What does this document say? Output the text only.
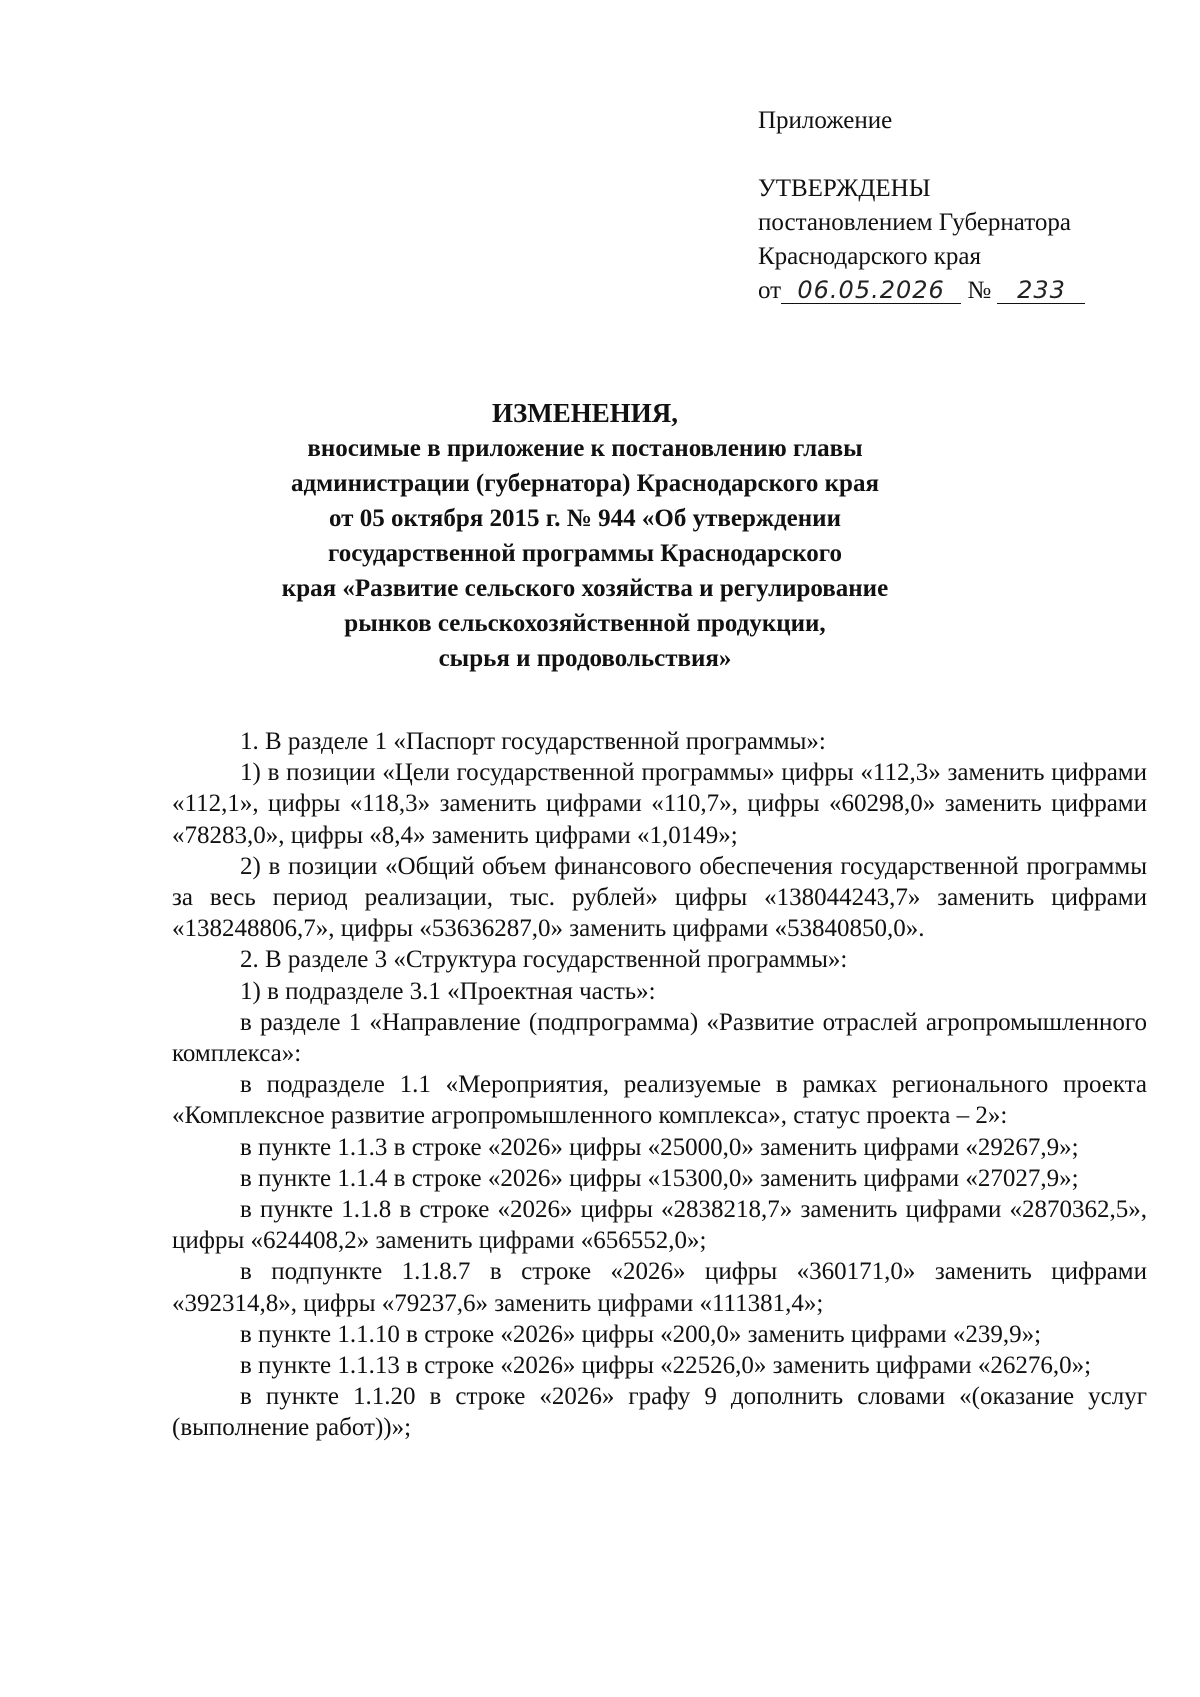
Приложение
УТВЕРЖДЕНЫ
постановлением Губернатора
Краснодарского края
от 06.05.2026 № 233
ИЗМЕНЕНИЯ,
вносимые в приложение к постановлению главы
администрации (губернатора) Краснодарского края
от 05 октября 2015 г. № 944 «Об утверждении
государственной программы Краснодарского
края «Развитие сельского хозяйства и регулирование
рынков сельскохозяйственной продукции,
сырья и продовольствия»

1. В разделе 1 «Паспорт государственной программы»:

1) в позиции «Цели государственной программы» цифры «112,3» заменить цифрами «112,1», цифры «118,3» заменить цифрами «110,7», цифры «60298,0» заменить цифрами «78283,0», цифры «8,4» заменить цифрами «1,0149»;

2) в позиции «Общий объем финансового обеспечения государственной программы за весь период реализации, тыс. рублей» цифры «138044243,7» заменить цифрами «138248806,7», цифры «53636287,0» заменить цифрами «53840850,0».

2. В разделе 3 «Структура государственной программы»:

1) в подразделе 3.1 «Проектная часть»:

в разделе 1 «Направление (подпрограмма) «Развитие отраслей агропромышленного комплекса»:

в подразделе 1.1 «Мероприятия, реализуемые в рамках регионального проекта «Комплексное развитие агропромышленного комплекса», статус проекта – 2»:

в пункте 1.1.3 в строке «2026» цифры «25000,0» заменить цифрами «29267,9»;

в пункте 1.1.4 в строке «2026» цифры «15300,0» заменить цифрами «27027,9»;

в пункте 1.1.8 в строке «2026» цифры «2838218,7» заменить цифрами «2870362,5», цифры «624408,2» заменить цифрами «656552,0»;

в подпункте 1.1.8.7 в строке «2026» цифры «360171,0» заменить цифрами «392314,8», цифры «79237,6» заменить цифрами «111381,4»;

в пункте 1.1.10 в строке «2026» цифры «200,0» заменить цифрами «239,9»;

в пункте 1.1.13 в строке «2026» цифры «22526,0» заменить цифрами «26276,0»;

в пункте 1.1.20 в строке «2026» графу 9 дополнить словами «(оказание услуг (выполнение работ))»;
